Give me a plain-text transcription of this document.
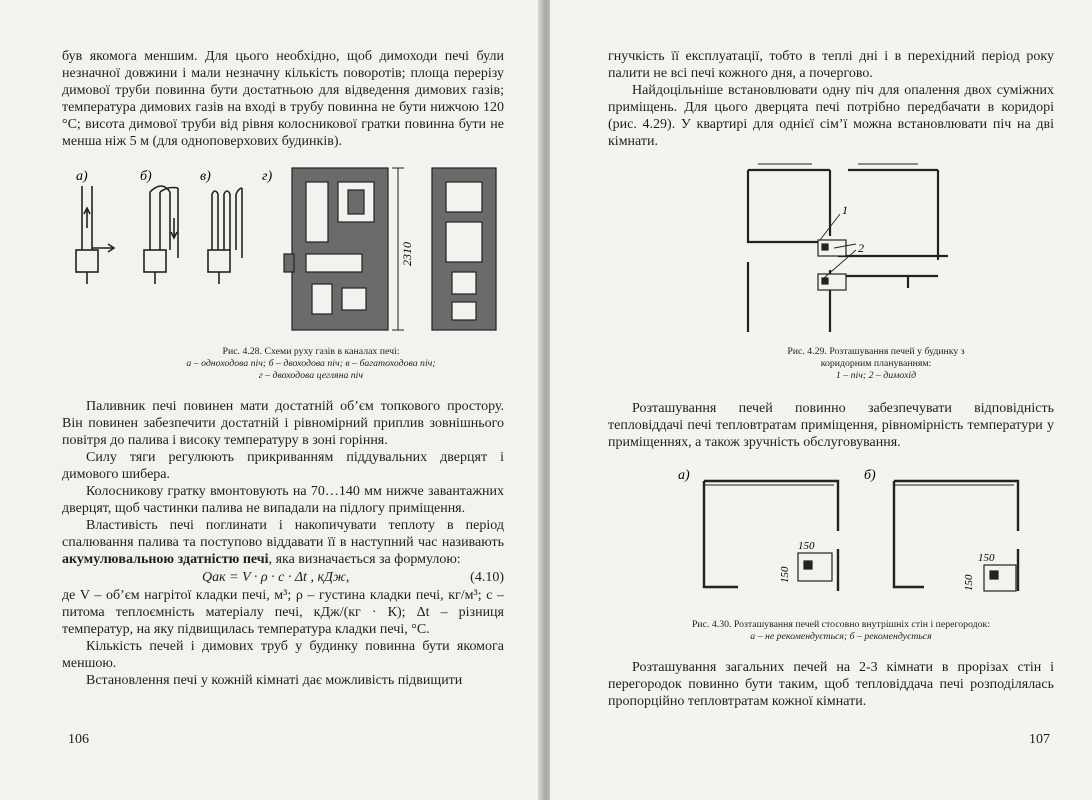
був якомога меншим. Для цього необхідно, щоб димоходи печі були незначної довжини і мали незначну кількість поворотів; площа перерізу димової труби повинна бути достатньою для відведення димових газів; температура димових газів на вході в трубу повинна не бути нижчою 120 °С; висота димової труби від рівня колосникової гратки повинна бути не менша ніж 5 м (для одноповерхових будинків).

а)	б)	в)	г)
2310

Рис. 4.28. Схеми руху газів в каналах печі:

а – одноходова піч; б – двоходова піч; в – багатоходова піч;

г – двоходова цегляна піч

Паливник печі повинен мати достатній об’єм топкового простору. Він повинен забезпечити достатній і рівномірний приплив зовнішнього повітря до палива і високу температуру в зоні горіння.

Силу тяги регулюють прикриванням піддувальних дверцят і димового шибера.

Колосникову гратку вмонтовують на 70…140 мм нижче завантажних дверцят, щоб частинки палива не випадали на підлогу приміщення.

Властивість печі поглинати і накопичувати теплоту в період спалювання палива та поступово віддавати її в наступний час називають акумулювальною здатністю печі, яка визначається за формулою:

Qак = V · ρ · c · Δt , кДж,	(4.10)

де V – об’єм нагрітої кладки печі, м³; ρ – густина кладки печі, кг/м³; c – питома теплоємність матеріалу печі, кДж/(кг · К); Δt – різниця температур, на яку підвищилась температура кладки печі, °С.

Кількість печей і димових труб у будинку повинна бути якомога меншою.

Встановлення печі у кожній кімнаті дає можливість підвищити

106

гнучкість її експлуатації, тобто в теплі дні і в перехідний період року палити не всі печі кожного дня, а почергово.

Найдоцільніше встановлювати одну піч для опалення двох суміжних приміщень. Для цього дверцята печі потрібно передбачати в коридорі (рис. 4.29). У квартирі для однієї сім’ї можна встановлювати піч на дві кімнати.

1
2

Рис. 4.29. Розташування печей у будинку з

коридорним плануванням:

1 – піч; 2 – димохід

Розташування печей повинно забезпечувати відповідність тепловіддачі печі тепловтратам приміщення, рівномірність температури у приміщеннях, а також зручність обслуговування.

а)
150
150
б)
150
150

Рис. 4.30. Розташування печей стосовно внутрішніх стін і перегородок:

а – не рекомендується; б – рекомендується

Розташування загальних печей на 2-3 кімнати в прорізах стін і перегородок повинно бути таким, щоб тепловіддача печі розподілялась пропорційно тепловтратам кожної кімнати.

107
